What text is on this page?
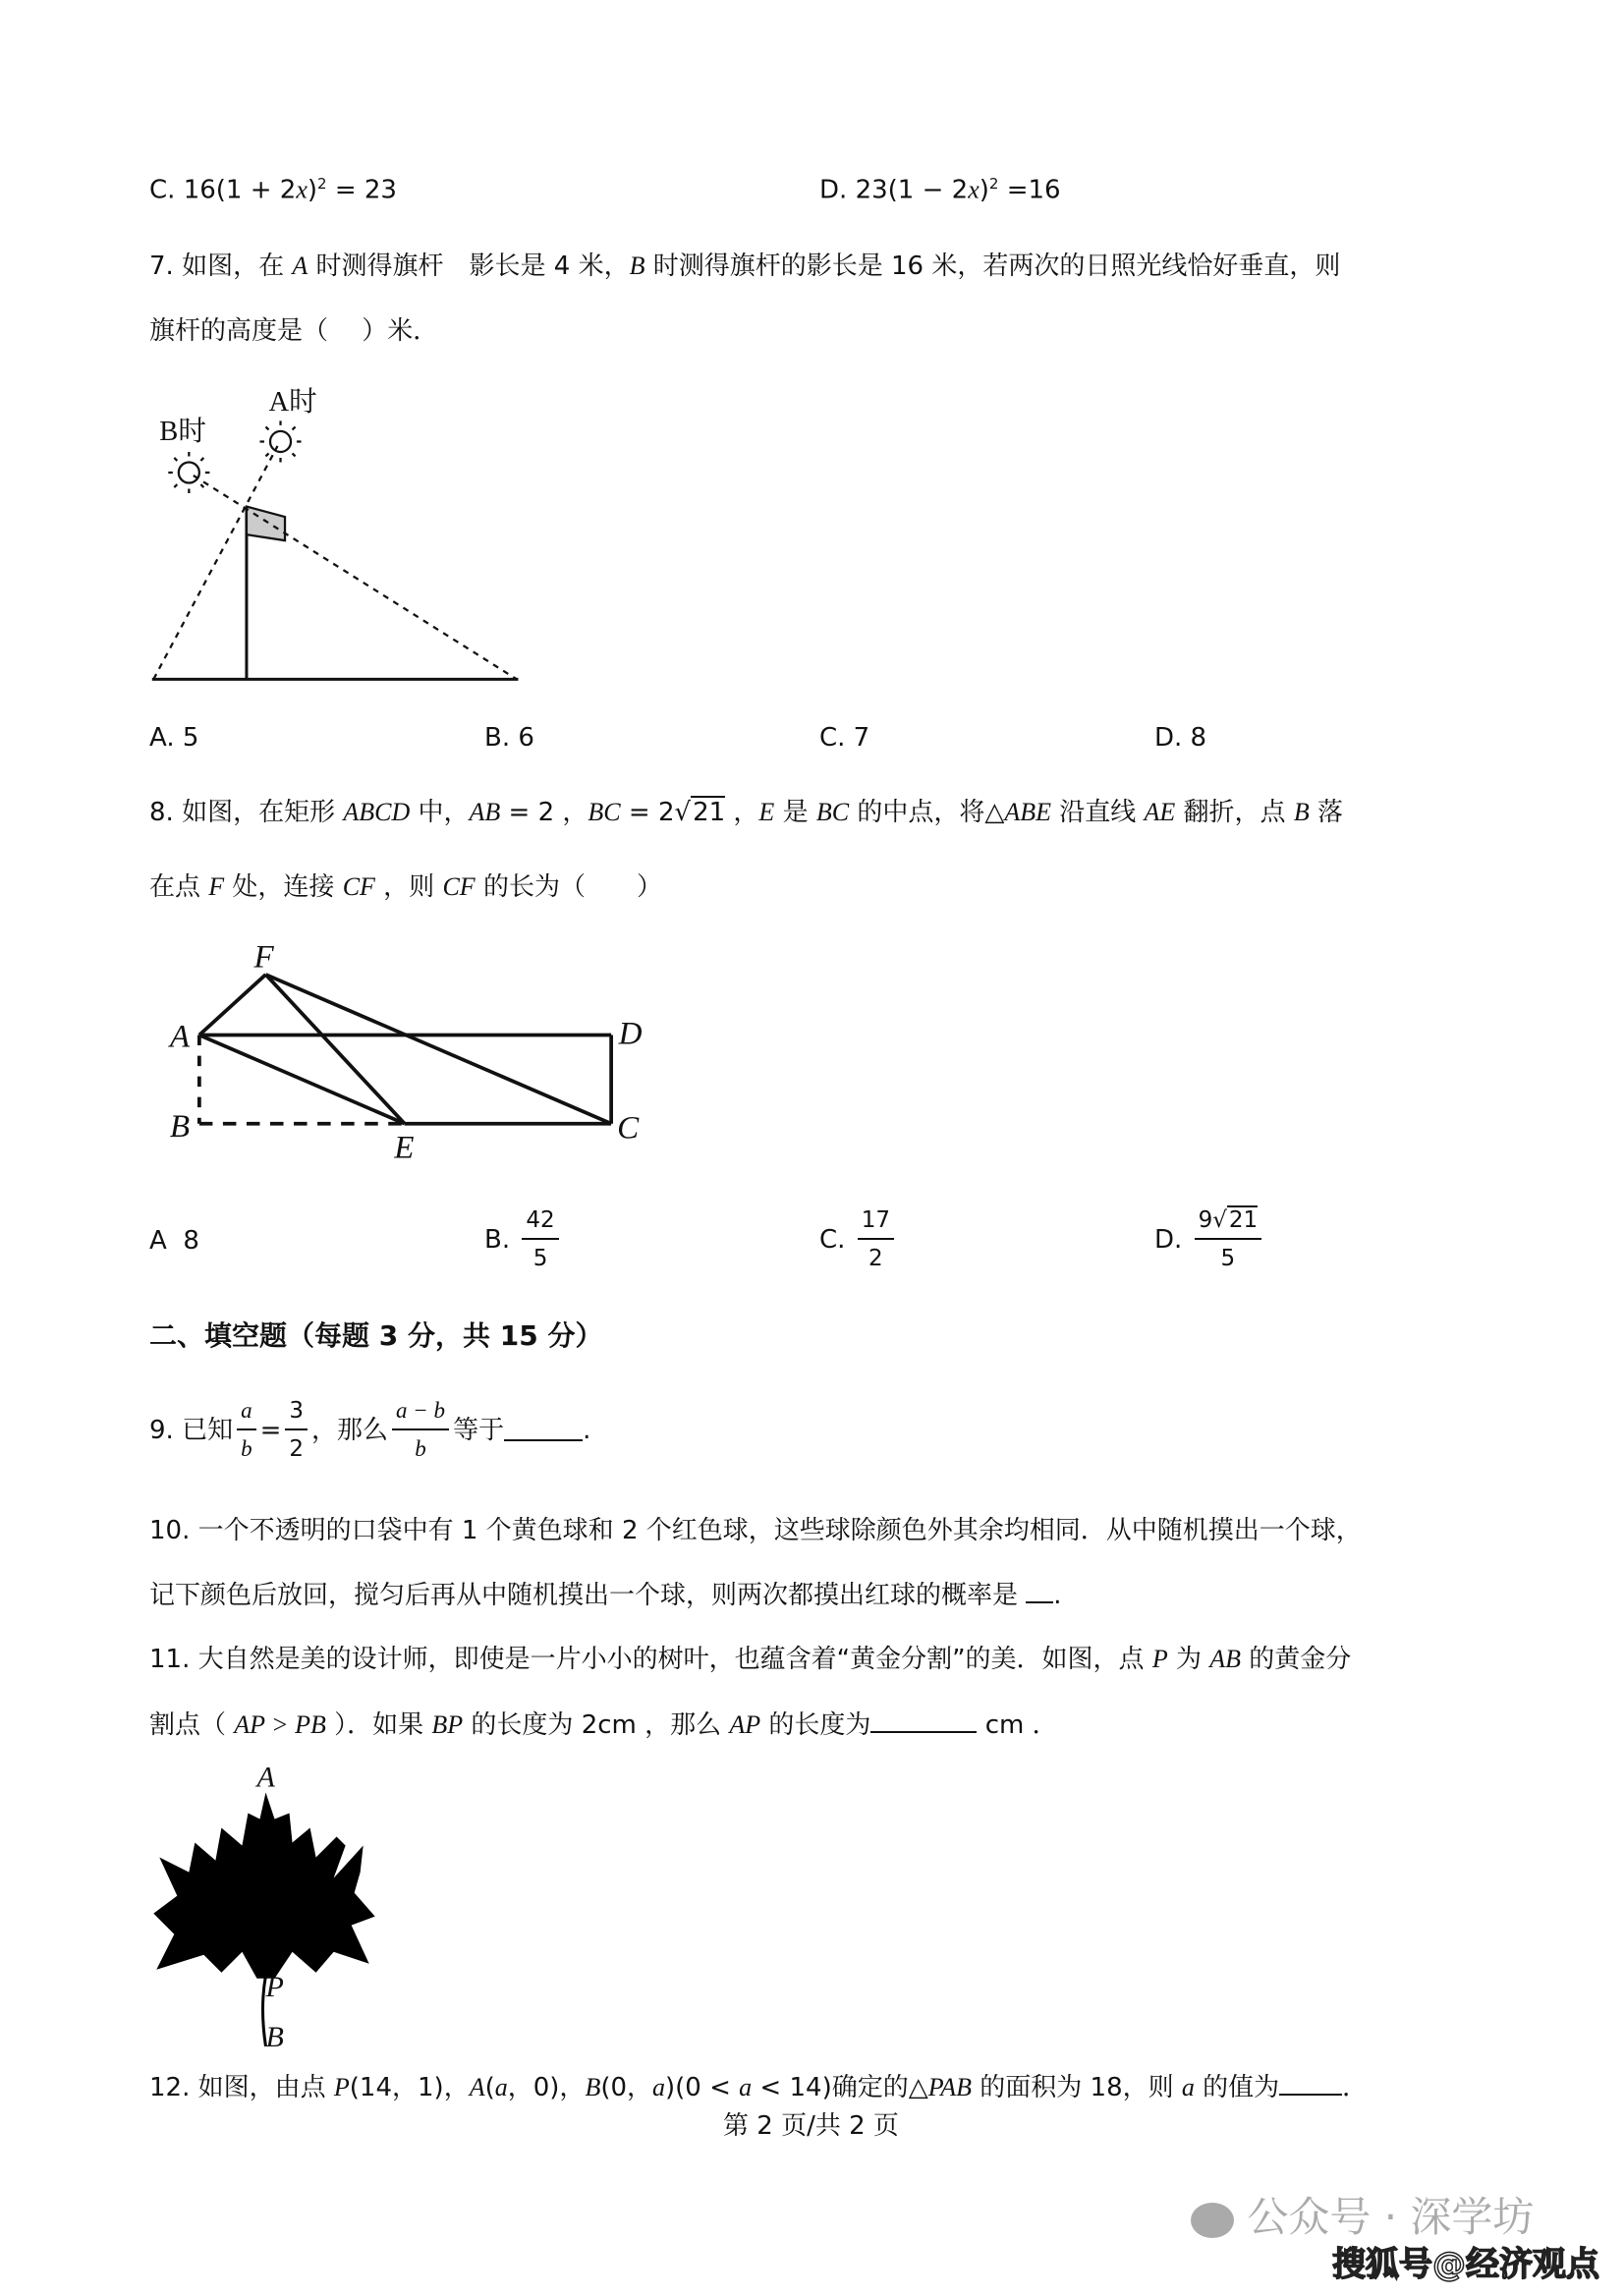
C. $16(1 + 2x)^2 = 23$	D. $23(1 - 2x)^2 =16$
7. 如图，在 A 时测得旗杆　影长是 4 米，B 时测得旗杆的影长是 16 米，若两次的日照光线恰好垂直，则
旗杆的高度是（　 ）米．
A. 5	B. 6	C. 7	D. 8
8. 如图，在矩形 ABCD 中，AB = 2 ，BC = 2√21 ，E 是 BC 的中点，将△ABE 沿直线 AE 翻折，点 B 落
在点 F 处，连接 CF ，则 CF 的长为（　　）
A 8	B. $\frac{42}{5}$	C. $\frac{17}{2}$	D. $\frac{9√21}{5}$
二、填空题（每题 3 分，共 15 分）
9. 已知 $\frac{a}{b} = \frac{3}{2}$ ，那么 $\frac{a - b}{b}$ 等于	.
10. 一个不透明的口袋中有 1 个黄色球和 2 个红色球，这些球除颜色外其余均相同．从中随机摸出一个球，
记下颜色后放回，搅匀后再从中随机摸出一个球，则两次都摸出红球的概率是 .
11. 大自然是美的设计师，即使是一片小小的树叶，也蕴含着“黄金分割”的美．如图，点 P 为 AB 的黄金分
割点（ AP > PB ）．如果 BP 的长度为 2cm ，那么 AP 的长度为	cm ．
12. 如图，由点 P(14，1)，A(a，0)，B(0，a)(0 < a < 14)确定的△PAB 的面积为 18，则 a 的值为 ．
第 2 页/共 2 页
公众号 · 深学坊
搜狐号@经济观点
B时
A时
F
A	D
B
E
C
A
P
B
